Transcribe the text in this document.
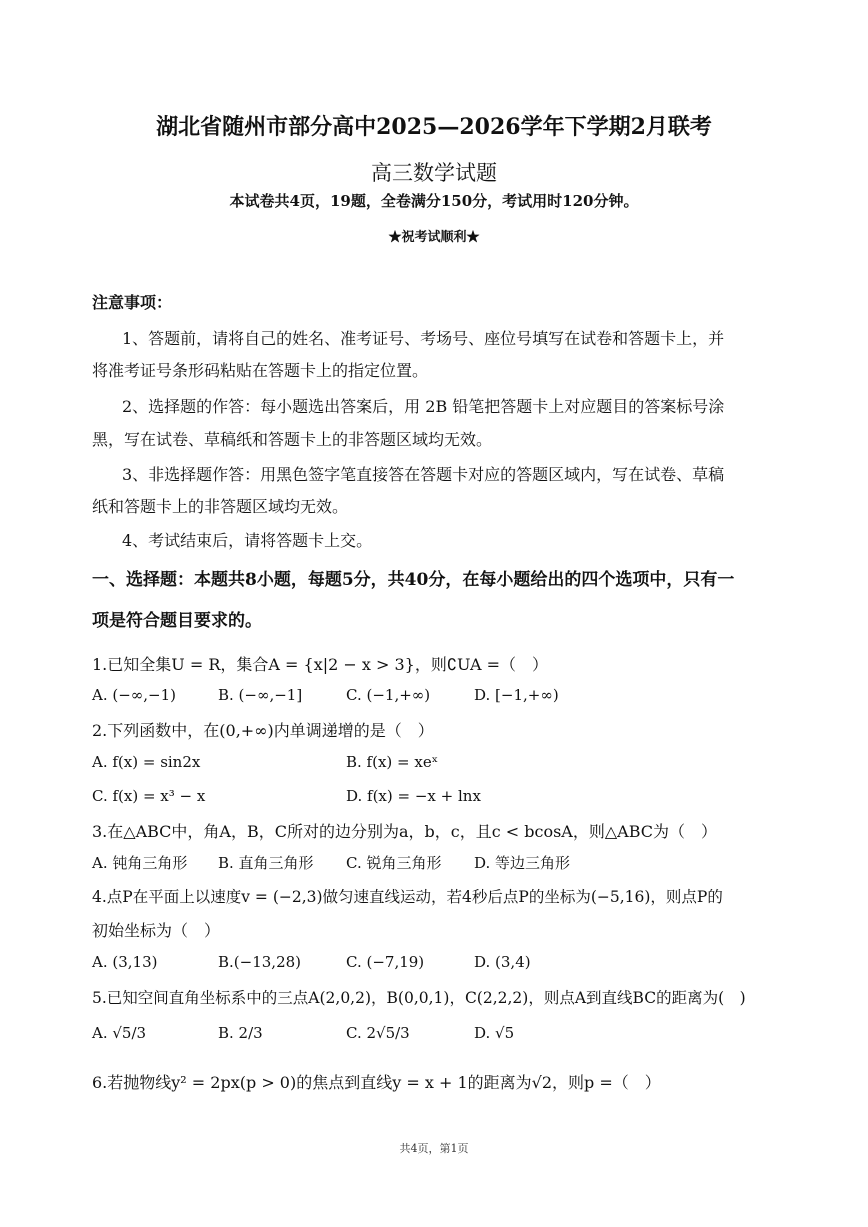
湖北省随州市部分高中2025—2026学年下学期2月联考
高三数学试题
本试卷共4页，19题，全卷满分150分，考试用时120分钟。
★祝考试顺利★
注意事项：
1、答题前，请将自己的姓名、准考证号、考场号、座位号填写在试卷和答题卡上，并
将准考证号条形码粘贴在答题卡上的指定位置。
2、选择题的作答：每小题选出答案后，用 2B 铅笔把答题卡上对应题目的答案标号涂
黑，写在试卷、草稿纸和答题卡上的非答题区域均无效。
3、非选择题作答：用黑色签字笔直接答在答题卡对应的答题区域内，写在试卷、草稿
纸和答题卡上的非答题区域均无效。
4、考试结束后，请将答题卡上交。
一、选择题：本题共8小题，每题5分，共40分，在每小题给出的四个选项中，只有一
项是符合题目要求的。
1.已知全集U = R，集合A = {x|2 − x > 3}，则∁UA =（　）
A. (−∞,−1)	B. (−∞,−1]	C. (−1,+∞)	D. [−1,+∞)
2.下列函数中，在(0,+∞)内单调递增的是（　）
A. f(x) = sin2x	B. f(x) = xeˣ
C. f(x) = x³ − x	D. f(x) = −x + lnx
3.在△ABC中，角A，B，C所对的边分别为a，b，c，且c < bcosA，则△ABC为（　）
A. 钝角三角形 B. 直角三角形 C. 锐角三角形 D. 等边三角形
4.点P在平面上以速度v = (−2,3)做匀速直线运动，若4秒后点P的坐标为(−5,16)，则点P的
初始坐标为（　）
A. (3,13)	B.(−13,28)	C. (−7,19)	D. (3,4)
5.已知空间直角坐标系中的三点A(2,0,2)，B(0,0,1)，C(2,2,2)，则点A到直线BC的距离为(　)
A. √5/3	B. 2/3	C. 2√5/3	D. √5
6.若抛物线y² = 2px(p > 0)的焦点到直线y = x + 1的距离为√2，则p =（　）
共4页，第1页
